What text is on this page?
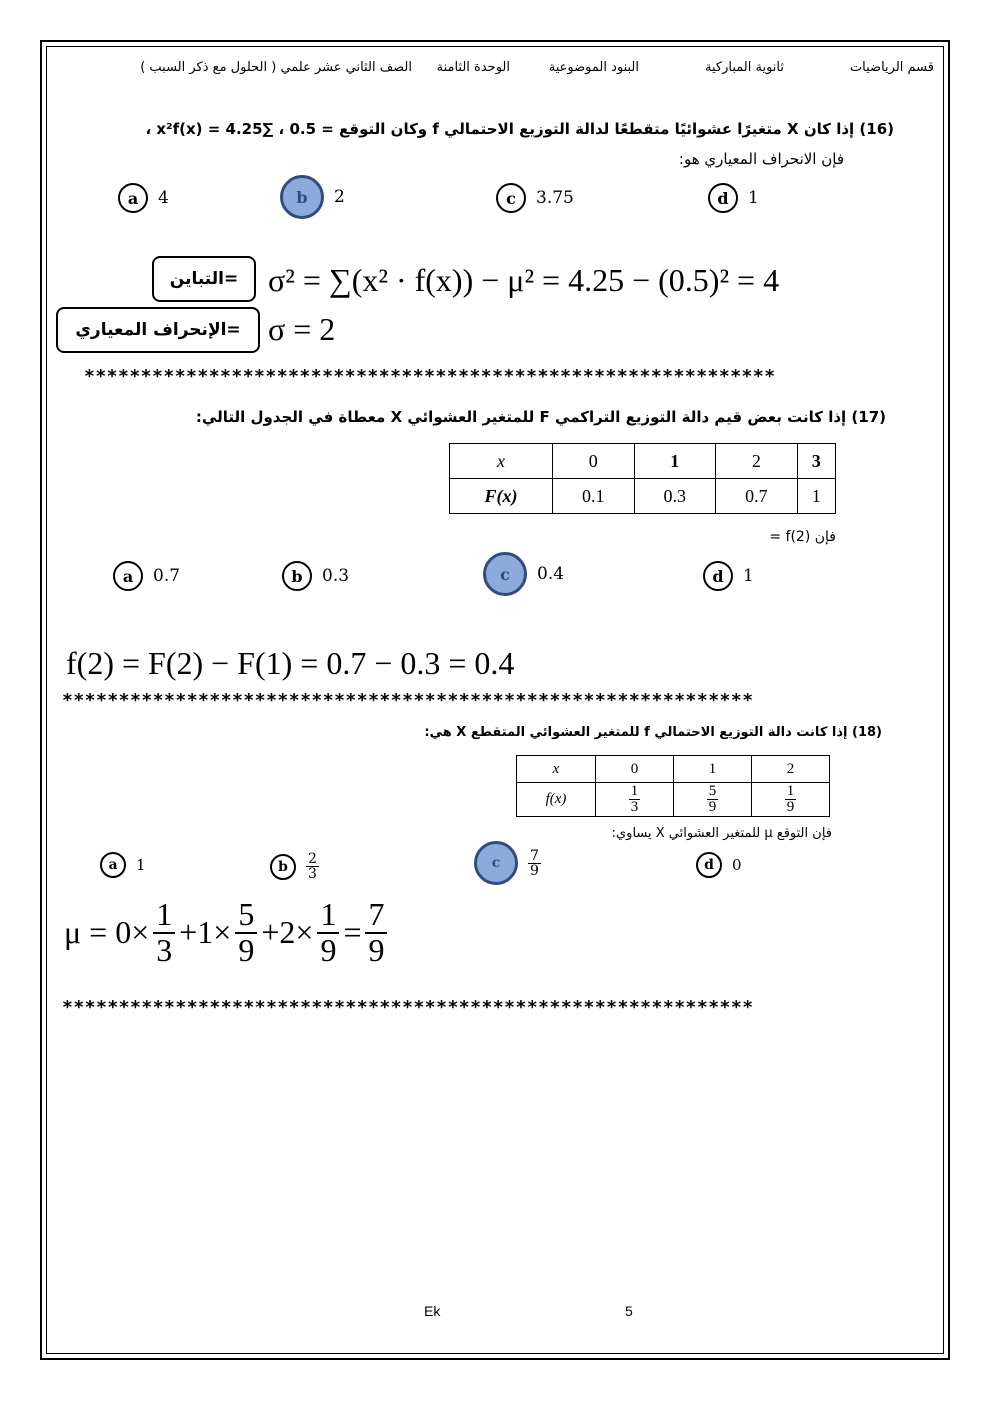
قسم الرياضيات
ثانوية المباركية
البنود الموضوعية
الوحدة الثامنة
الصف الثاني عشر علمي ( الحلول مع ذكر السبب )
(16) إذا كان X متغيرًا عشوائيًا متقطعًا لدالة التوزيع الاحتمالي f وكان التوقع = 0.5 ، ∑x²f(x) = 4.25 ،
فإن الانحراف المعياري هو:
a	4	b	2	c	3.75	d	1
=التباين σ² = ∑(x² · f(x)) − μ² = 4.25 − (0.5)² = 4
=الإنحراف المعياري σ = 2
*************************************************************
(17) إذا كانت بعض قيم دالة التوزيع التراكمي F للمتغير العشوائي X معطاة في الجدول التالي:
x	0	1	2	3
F(x)	0.1	0.3	0.7	1
فإن f(2) =
a	0.7	b	0.3	c	0.4	d	1
f(2) = F(2) − F(1) = 0.7 − 0.3 = 0.4
*************************************************************
(18) إذا كانت دالة التوزيع الاحتمالي f للمتغير العشوائي المتقطع X هي:
x	0	1	2
f(x)	$\frac{1}{3}$	$\frac{5}{9}$	$\frac{1}{9}$
فإن التوقع μ للمتغير العشوائي X يساوي:
a	1	b	$\frac{2}{3}$	c	$\frac{7}{9}$	d	0
$\mu = 0\times \frac{1}{3} +1\times \frac{5}{9} +2\times \frac{1}{9} = \frac{7}{9}$
*************************************************************
Ek	5
